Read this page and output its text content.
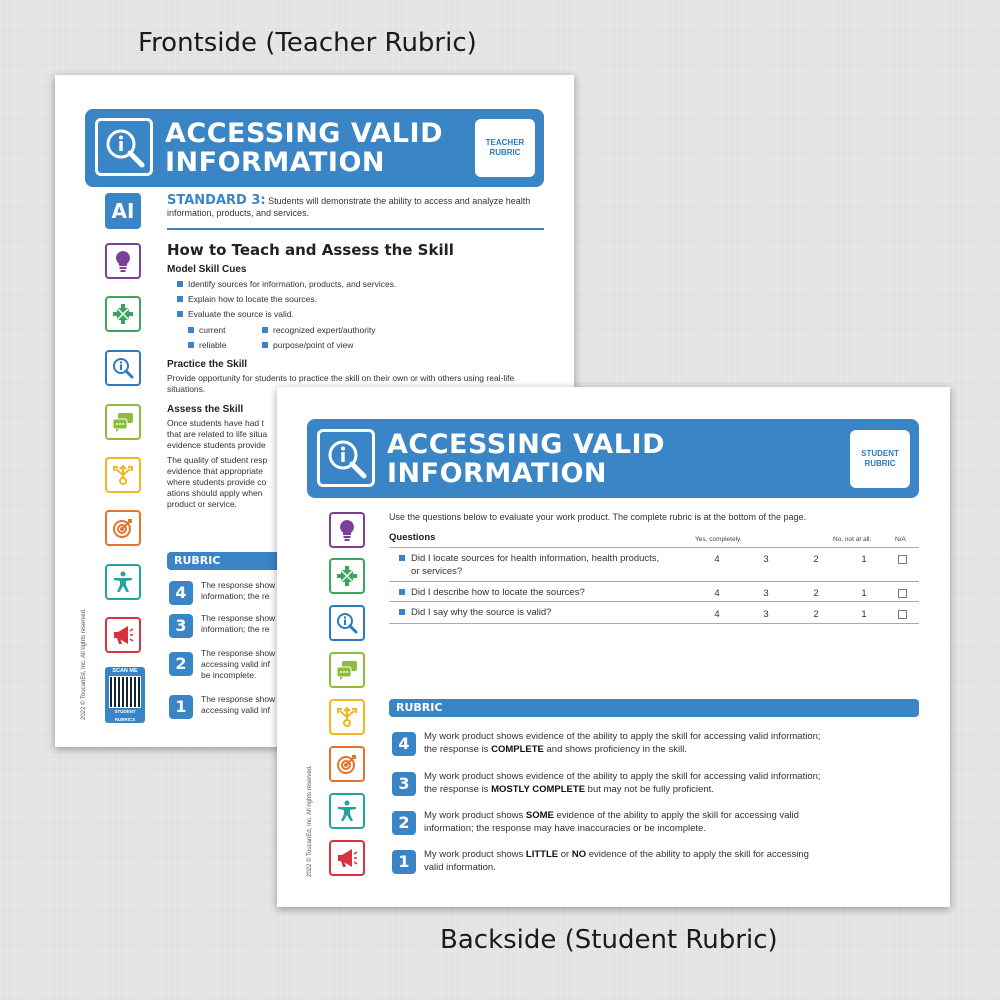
Frontside (Teacher Rubric)
Backside (Student Rubric)
ACCESSING VALID
INFORMATION
TEACHER
RUBRIC
AI	STANDARD 3: Students will demonstrate the ability to access and analyze health information, products, and services.
How to Teach and Assess the Skill
Model Skill Cues
Identify sources for information, products, and services.
Explain how to locate the sources.
Evaluate the source is valid.
current	recognized expert/authority
reliable	purpose/point of view
Practice the Skill
Provide opportunity for students to practice the skill on their own or with others using real-life situations.
Assess the Skill
Once students have had t
that are related to life situa
evidence students provide
The quality of student resp
evidence that appropriate
where students provide co
ations should apply when
product or service.
RUBRIC
4	The response show
information; the re
3	The response show
information; the re
2
The response show
accessing valid inf
be incomplete.
1	The response show
accessing valid inf
SCAN ME
STUDENT RUBRICS
2022 © ToucanEd, Inc. All rights reserved.
ACCESSING VALID
INFORMATION
STUDENT
RUBRIC
Use the questions below to evaluate your work product. The complete rubric is at the bottom of the page.
Questions	Yes, completely.	No, not at all.	N/A
Did I locate sources for health information, health products,
or services?
4	3	2	1
Did I describe how to locate the sources?	4	3	2	1
Did I say why the source is valid?	4	3	2	1
RUBRIC
4	My work product shows evidence of the ability to apply the skill for accessing valid information;
the response is COMPLETE and shows proficiency in the skill.
3	My work product shows evidence of the ability to apply the skill for accessing valid information;
the response is MOSTLY COMPLETE but may not be fully proficient.
2	My work product shows SOME evidence of the ability to apply the skill for accessing valid
information; the response may have inaccuracies or be incomplete.
1	My work product shows LITTLE or NO evidence of the ability to apply the skill for accessing
valid information.
2022 © ToucanEd, Inc. All rights reserved.
